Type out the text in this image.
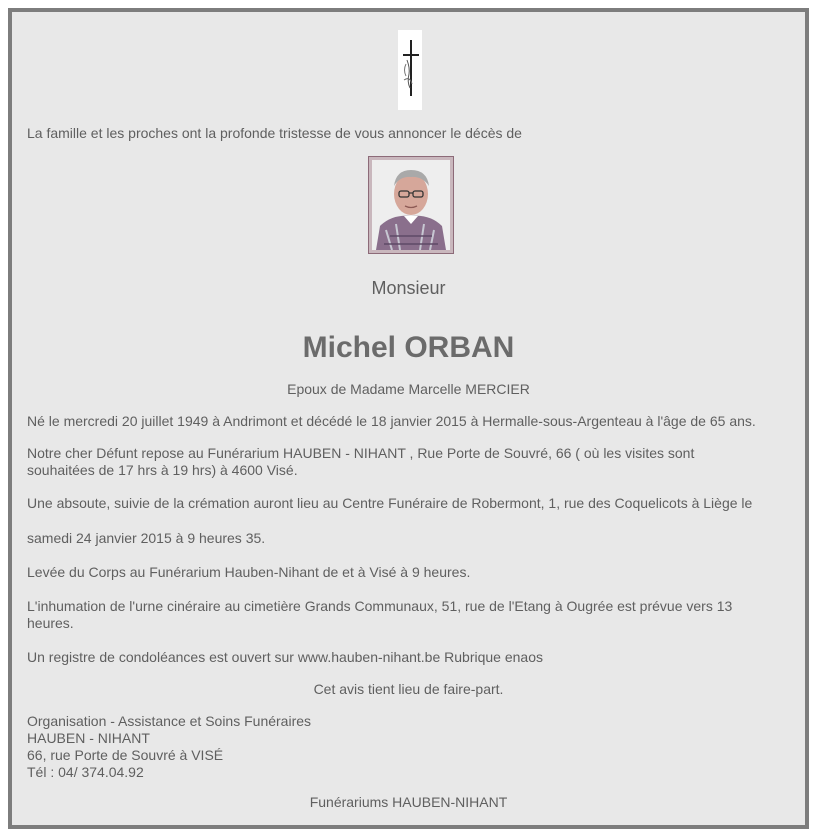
La famille et les proches ont la profonde tristesse de vous annoncer le décès de
Monsieur
Michel ORBAN
Epoux de Madame Marcelle MERCIER
Né le mercredi 20 juillet 1949 à Andrimont et décédé le 18 janvier 2015 à Hermalle-sous-Argenteau à l'âge de 65 ans.
Notre cher Défunt repose au Funérarium HAUBEN - NIHANT , Rue Porte de Souvré, 66 ( où les visites sont souhaitées de 17 hrs à 19 hrs) à 4600 Visé.
Une absoute, suivie de la crémation auront lieu au Centre Funéraire de Robermont, 1, rue des Coquelicots à Liège le
samedi 24 janvier 2015 à 9 heures 35.
Levée du Corps au Funérarium Hauben-Nihant de et à Visé à 9 heures.
L'inhumation de l'urne cinéraire au cimetière Grands Communaux, 51, rue de l'Etang à Ougrée est prévue vers 13 heures.
Un registre de condoléances est ouvert sur www.hauben-nihant.be Rubrique enaos
Cet avis tient lieu de faire-part.
Organisation - Assistance et Soins Funéraires
HAUBEN - NIHANT
66, rue Porte de Souvré à VISÉ
Tél : 04/ 374.04.92
Funérariums HAUBEN-NIHANT
